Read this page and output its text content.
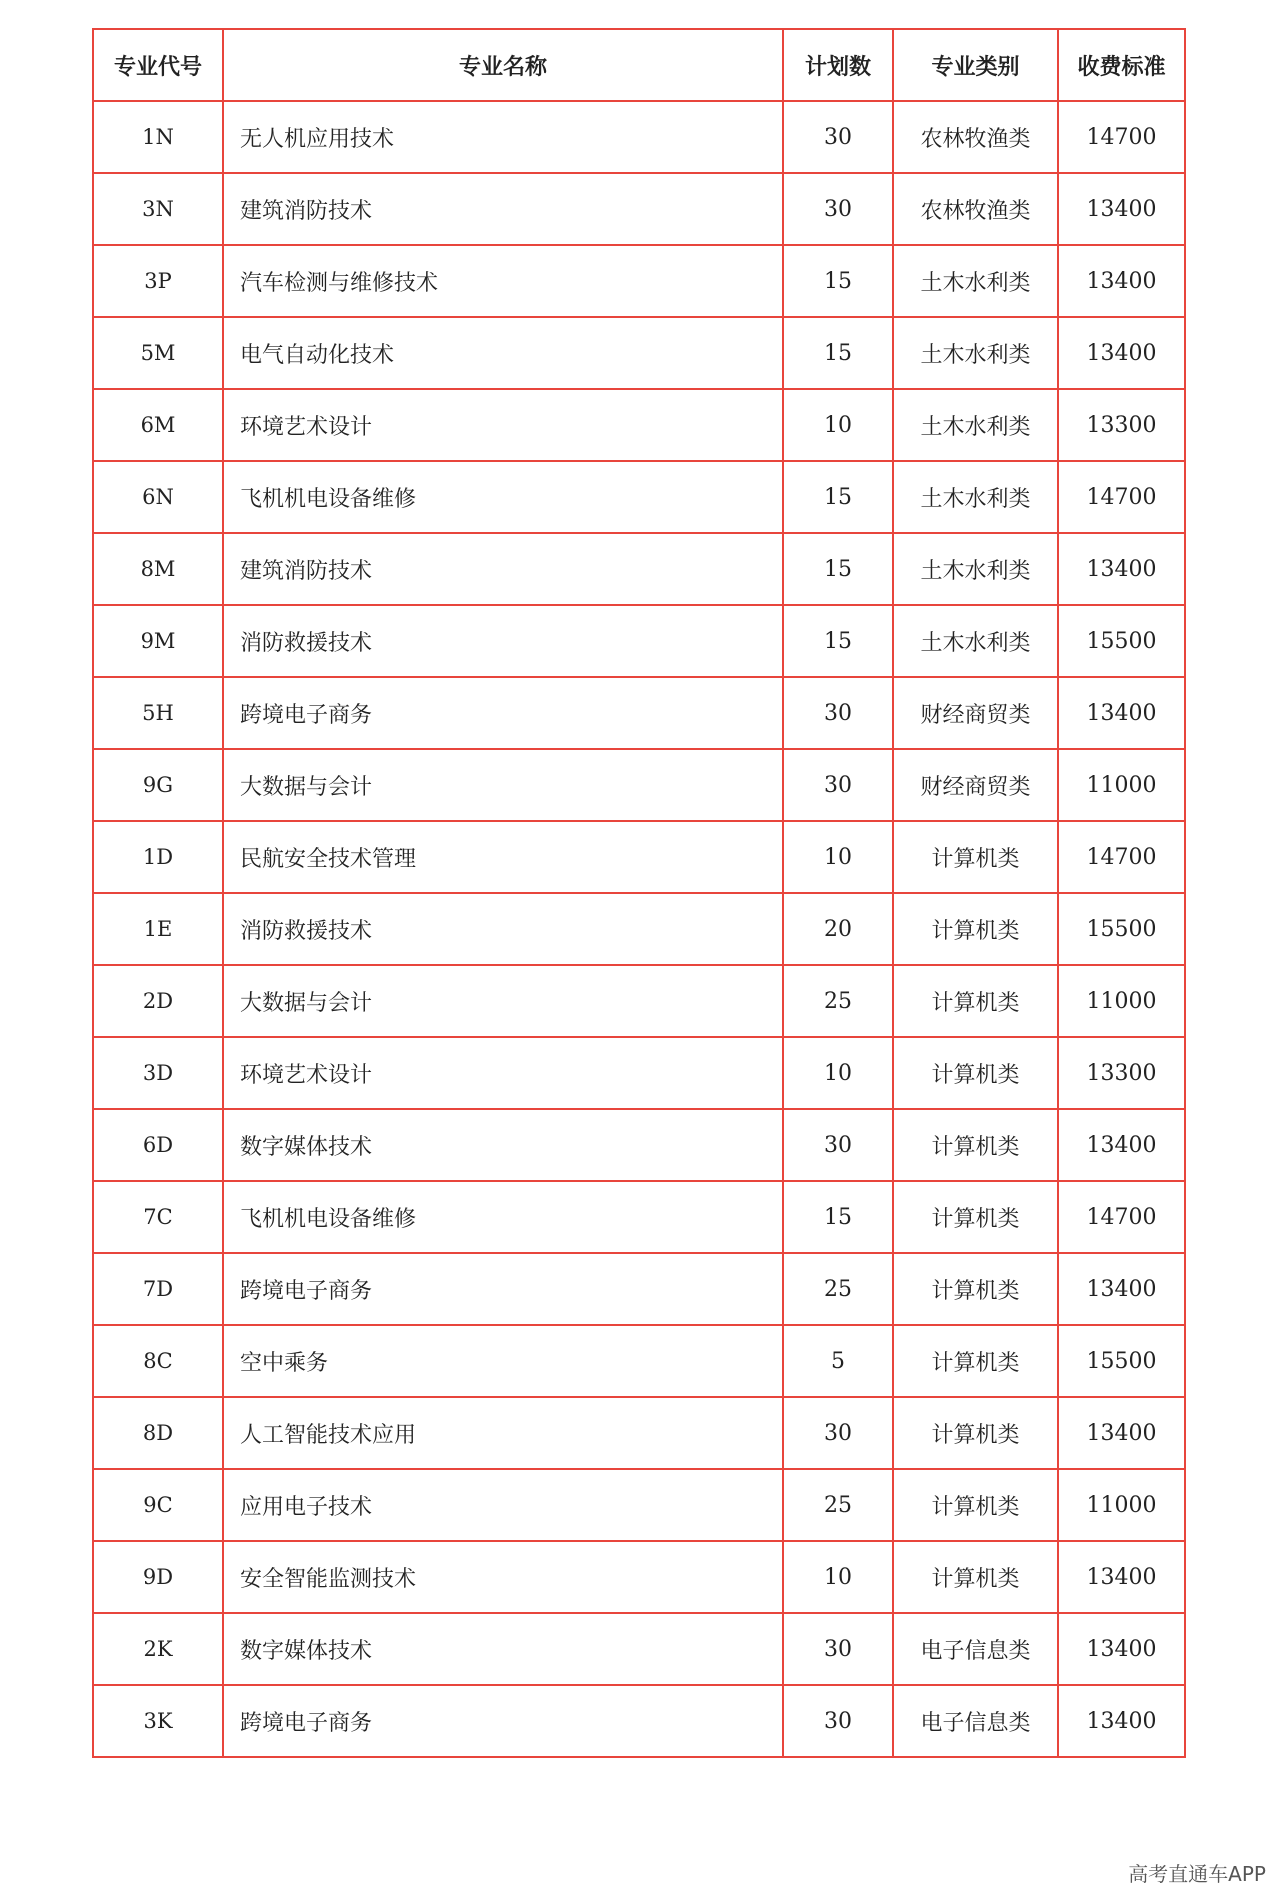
专业代号	专业名称	计划数	专业类别	收费标准
1N	无人机应用技术	30	农林牧渔类	14700
3N	建筑消防技术	30	农林牧渔类	13400
3P	汽车检测与维修技术	15	土木水利类	13400
5M	电气自动化技术	15	土木水利类	13400
6M	环境艺术设计	10	土木水利类	13300
6N	飞机机电设备维修	15	土木水利类	14700
8M	建筑消防技术	15	土木水利类	13400
9M	消防救援技术	15	土木水利类	15500
5H	跨境电子商务	30	财经商贸类	13400
9G	大数据与会计	30	财经商贸类	11000
1D	民航安全技术管理	10	计算机类	14700
1E	消防救援技术	20	计算机类	15500
2D	大数据与会计	25	计算机类	11000
3D	环境艺术设计	10	计算机类	13300
6D	数字媒体技术	30	计算机类	13400
7C	飞机机电设备维修	15	计算机类	14700
7D	跨境电子商务	25	计算机类	13400
8C	空中乘务	5	计算机类	15500
8D	人工智能技术应用	30	计算机类	13400
9C	应用电子技术	25	计算机类	11000
9D	安全智能监测技术	10	计算机类	13400
2K	数字媒体技术	30	电子信息类	13400
3K	跨境电子商务	30	电子信息类	13400
高考直通车APP
